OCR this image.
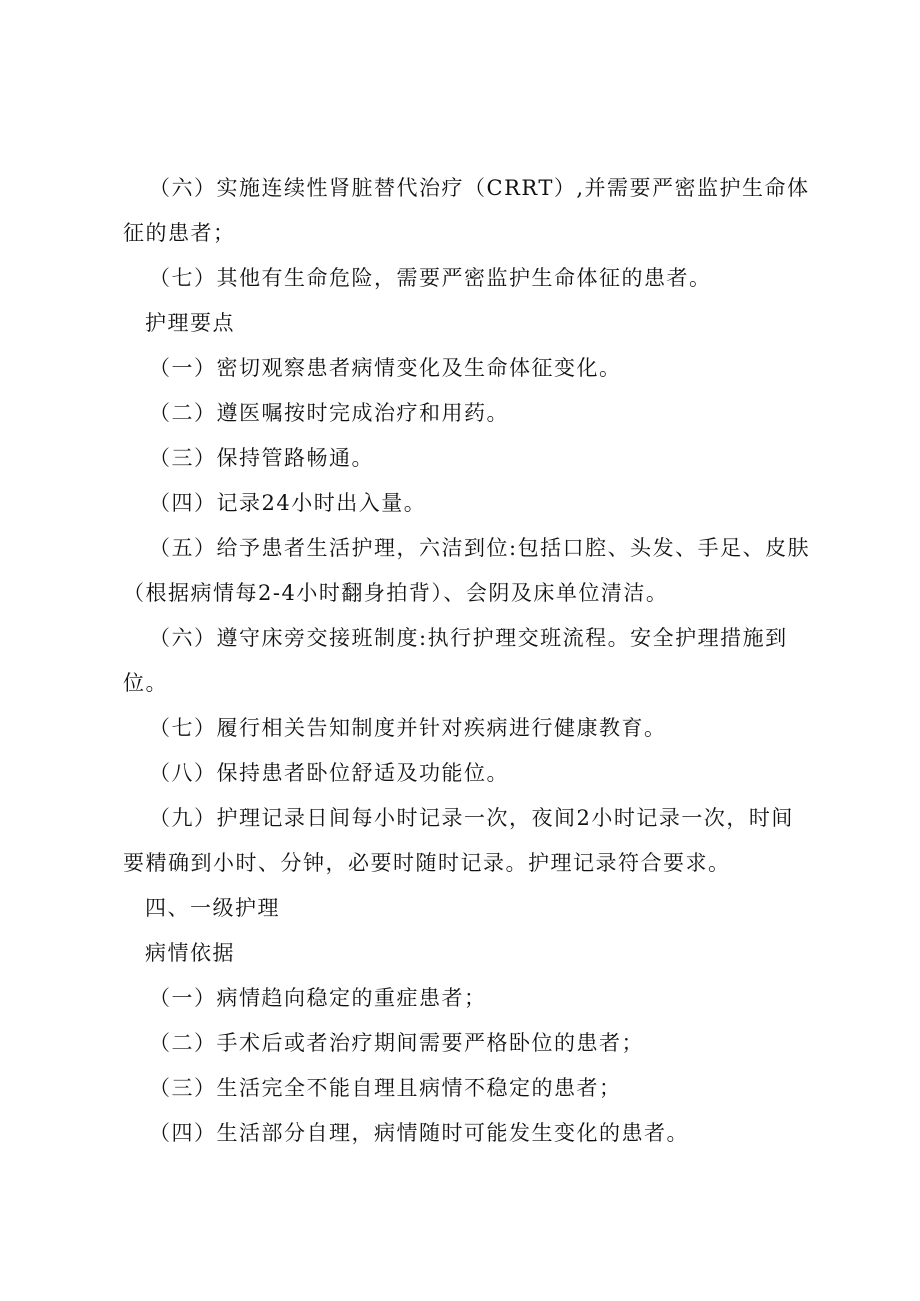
（六）实施连续性肾脏替代治疗（CRRT）,并需要严密监护生命体征的患者；

（七）其他有生命危险，需要严密监护生命体征的患者。

护理要点

（一）密切观察患者病情变化及生命体征变化。

（二）遵医嘱按时完成治疗和用药。

（三）保持管路畅通。

（四）记录24小时出入量。

（五）给予患者生活护理，六洁到位:包括口腔、头发、手足、皮肤（根据病情每2-4小时翻身拍背）、会阴及床单位清洁。

（六）遵守床旁交接班制度:执行护理交班流程。安全护理措施到位。

（七）履行相关告知制度并针对疾病进行健康教育。

（八）保持患者卧位舒适及功能位。

（九）护理记录日间每小时记录一次，夜间2小时记录一次，时间要精确到小时、分钟，必要时随时记录。护理记录符合要求。

四、一级护理

病情依据

（一）病情趋向稳定的重症患者；

（二）手术后或者治疗期间需要严格卧位的患者；

（三）生活完全不能自理且病情不稳定的患者；

（四）生活部分自理，病情随时可能发生变化的患者。
